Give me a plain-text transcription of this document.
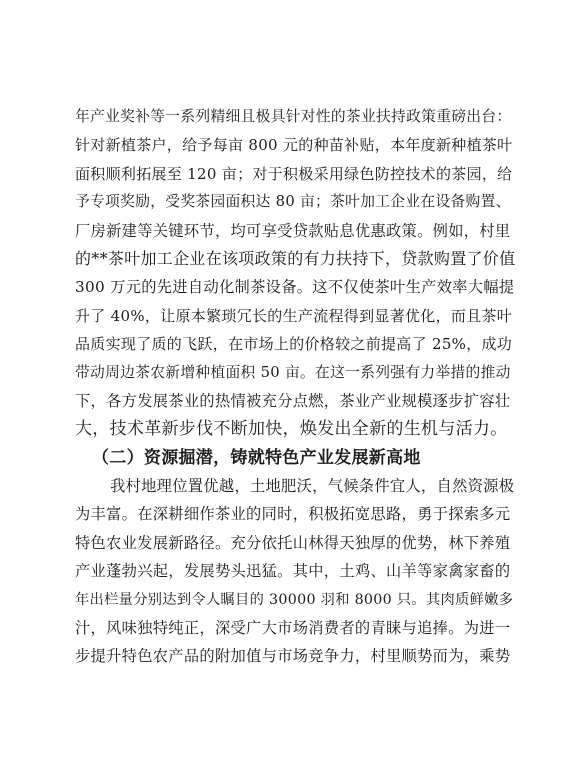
年产业奖补等一系列精细且极具针对性的茶业扶持政策重磅出台：
针对新植茶户，给予每亩 800 元的种苗补贴，本年度新种植茶叶
面积顺利拓展至 120 亩；对于积极采用绿色防控技术的茶园，给
予专项奖励，受奖茶园面积达 80 亩；茶叶加工企业在设备购置、
厂房新建等关键环节，均可享受贷款贴息优惠政策。例如，村里
的**茶叶加工企业在该项政策的有力扶持下，贷款购置了价值
300 万元的先进自动化制茶设备。这不仅使茶叶生产效率大幅提
升了 40%，让原本繁琐冗长的生产流程得到显著优化，而且茶叶
品质实现了质的飞跃，在市场上的价格较之前提高了 25%，成功
带动周边茶农新增种植面积 50 亩。在这一系列强有力举措的推动
下，各方发展茶业的热情被充分点燃，茶业产业规模逐步扩容壮
大，技术革新步伐不断加快，焕发出全新的生机与活力。
（二）资源掘潜，铸就特色产业发展新高地
我村地理位置优越，土地肥沃，气候条件宜人，自然资源极
为丰富。在深耕细作茶业的同时，积极拓宽思路，勇于探索多元
特色农业发展新路径。充分依托山林得天独厚的优势，林下养殖
产业蓬勃兴起，发展势头迅猛。其中，土鸡、山羊等家禽家畜的
年出栏量分别达到令人瞩目的 30000 羽和 8000 只。其肉质鲜嫩多
汁，风味独特纯正，深受广大市场消费者的青睐与追捧。为进一
步提升特色农产品的附加值与市场竞争力，村里顺势而为，乘势
